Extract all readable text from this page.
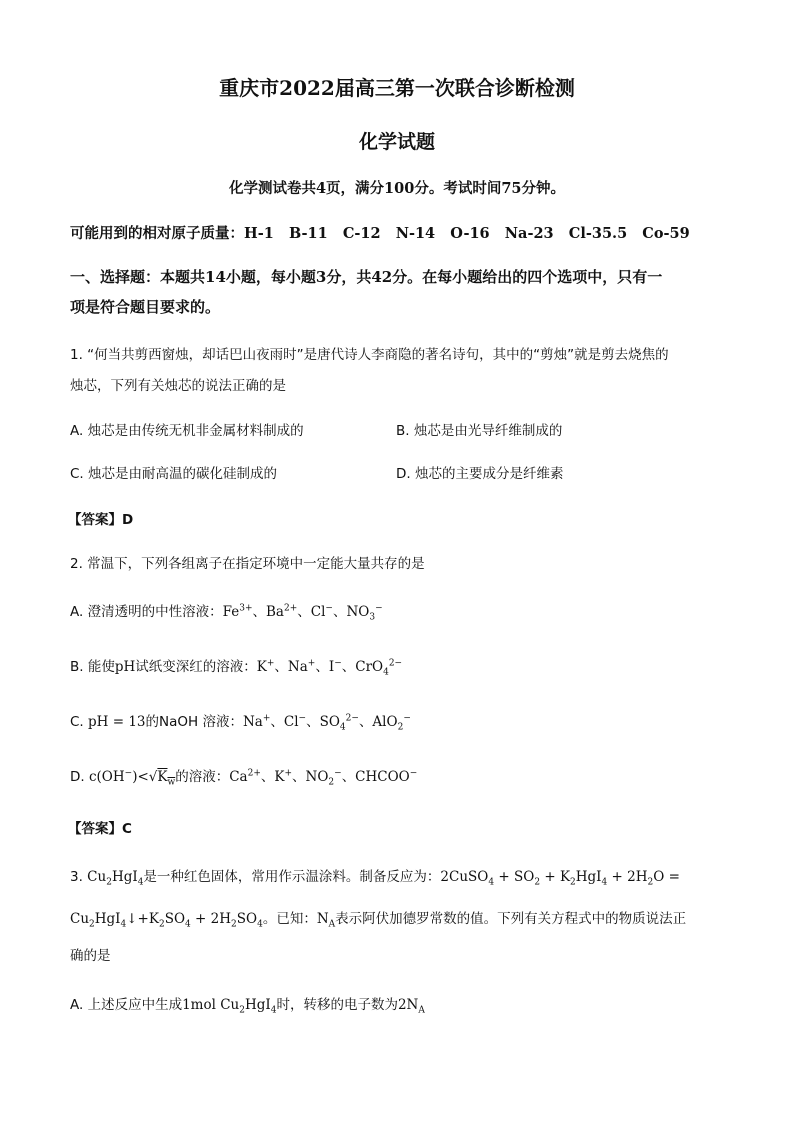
重庆市2022届高三第一次联合诊断检测
化学试题
化学测试卷共4页，满分100分。考试时间75分钟。
可能用到的相对原子质量：H-1   B-11   C-12   N-14   O-16   Na-23   Cl-35.5   Co-59
一、选择题：本题共14小题，每小题3分，共42分。在每小题给出的四个选项中，只有一
项是符合题目要求的。
1. “何当共剪西窗烛，却话巴山夜雨时”是唐代诗人李商隐的著名诗句，其中的“剪烛”就是剪去烧焦的
烛芯，下列有关烛芯的说法正确的是
A. 烛芯是由传统无机非金属材料制成的	B. 烛芯是由光导纤维制成的
C. 烛芯是由耐高温的碳化硅制成的	D. 烛芯的主要成分是纤维素
【答案】D
2. 常温下，下列各组离子在指定环境中一定能大量共存的是
A. 澄清透明的中性溶液：$Fe^{3+}$、$Ba^{2+}$、Cl−、$NO_3^-$
B. 能使pH试纸变深红的溶液：K+、Na+、I−、CrO$_4^{2-}$
C. pH = 13的NaOH 溶液：Na+、Cl−、$SO_4^{2-}$、AlO$_2$−
D. $c(OH^-)<√K_w$的溶液：$Ca^{2+}$、K+、$NO_2^-$、CHCOO−
【答案】C
3. $Cu_2HgI_4$是一种红色固体，常用作示温涂料。制备反应为：2CuSO$_4$ + $SO_2 + K_2HgI_4 + 2H_2O$ =
$Cu_2HgI_4↓+K_2SO_4 + 2H_2SO_4$。已知：$N_A$表示阿伏加德罗常数的值。下列有关方程式中的物质说法正
确的是
A. 上述反应中生成1mol $Cu_2HgI_4$时，转移的电子数为$2N_A$
